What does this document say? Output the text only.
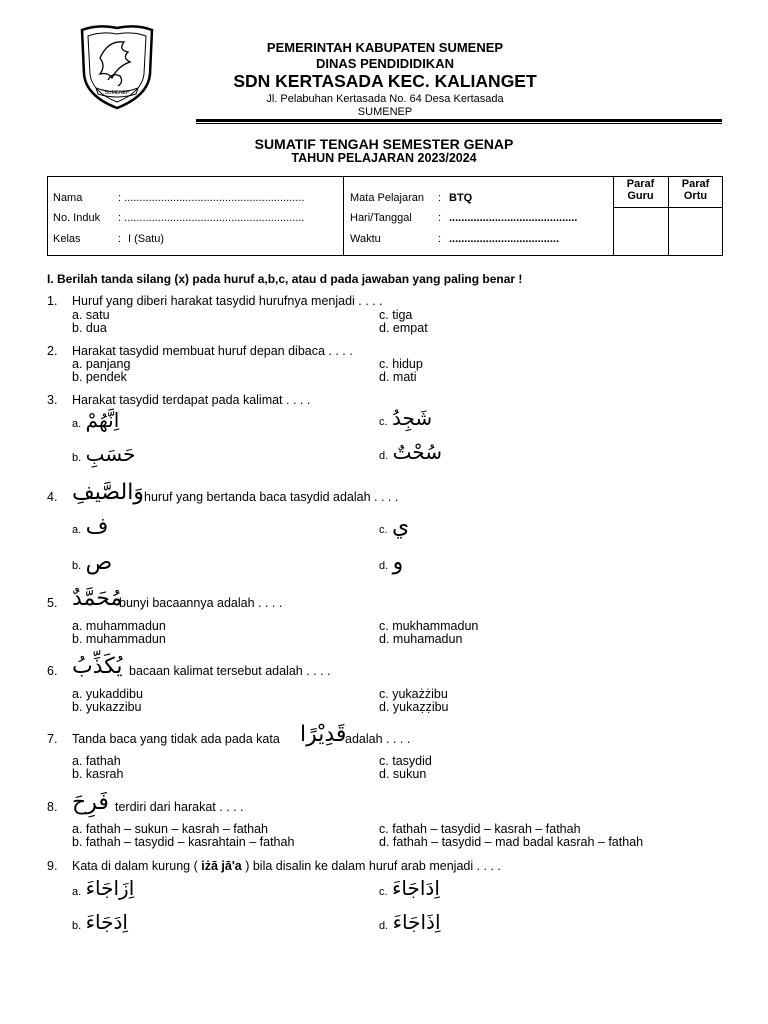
SUMENEP
PEMERINTAH KABUPATEN SUMENEP
DINAS PENDIDIDIKAN
SDN KERTASADA KEC. KALIANGET
Jl. Pelabuhan Kertasada No. 64 Desa Kertasada
SUMENEP
SUMATIF TENGAH SEMESTER GENAP
TAHUN PELAJARAN 2023/2024
Nama	: ...........................................................
No. Induk : ...........................................................
Kelas	: I (Satu)
Mata Pelajaran : BTQ
Hari/Tanggal : ..........................................
Waktu	: ....................................
Paraf
Guru
Paraf
Ortu
I. Berilah tanda silang (x) pada huruf a,b,c, atau d pada jawaban yang paling benar !
1. Huruf yang diberi harakat tasydid hurufnya menjadi . . . .
a. satu
b. dua
c. tiga
d. empat
2. Harakat tasydid membuat huruf depan dibaca . . . .
a. panjang
b. pendek
c. hidup
d. mati
3. Harakat tasydid terdapat pada kalimat . . . .
a. اِنَّهُمْ
b. حَسَبِ
c. شَجِدُ
d. سُحْتٌ
4. وَالصَّيفِ huruf yang bertanda baca tasydid adalah . . . .
a. ف
b. ص
c. ي
d. و
5. مُحَمَّدٌ
bunyi bacaannya adalah . . . .
a. muhammadun
b. muhammadun
c. mukhammadun
d. muhamadun
6. يُكَذِّبُ bacaan kalimat tersebut adalah . . . .
a. yukaddibu
b. yukazzibu
c. yukażżibu
d. yukaẓẓibu
7. Tanda baca yang tidak ada pada kata قَدِيْرًا
adalah . . . .
a. fathah
b. kasrah
c. tasydid
d. sukun
8. فَرِحَ terdiri dari harakat . . . .
a. fathah – sukun – kasrah – fathah
b. fathah – tasydid – kasrahtain – fathah
c. fathah – tasydid – kasrah – fathah
d. fathah – tasydid – mad badal kasrah – fathah
9. Kata di dalam kurung ( iżā jā'a ) bila disalin ke dalam huruf arab menjadi . . . .
a. اِزَاجَاءَ
b. اِدَجَاءَ
c. اِدَاجَاءَ
d. اِذَاجَاءَ
